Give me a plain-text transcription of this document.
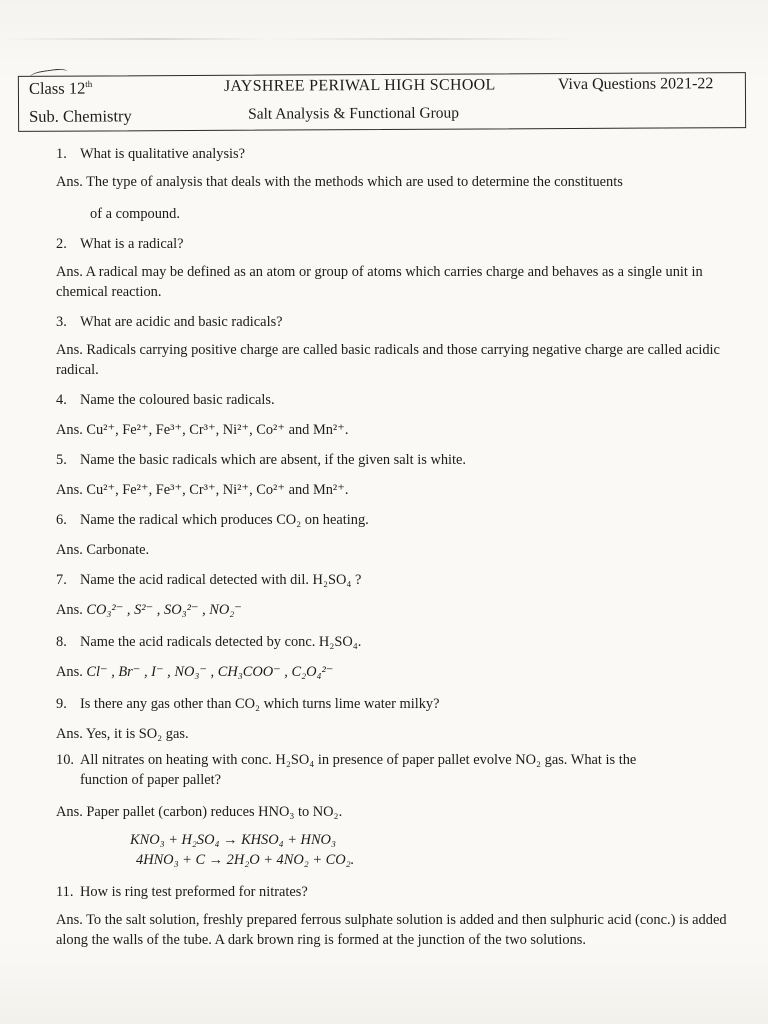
Class 12th	JAYSHREE PERIWAL HIGH SCHOOL	Viva Questions 2021-22
Sub. Chemistry	Salt Analysis & Functional Group
1. What is qualitative analysis?
Ans. The type of analysis that deals with the methods which are used to determine the constituents
of a compound.
2. What is a radical?
Ans. A radical may be defined as an atom or group of atoms which carries charge and behaves as a single unit in chemical reaction.
3. What are acidic and basic radicals?
Ans. Radicals carrying positive charge are called basic radicals and those carrying negative charge are called acidic radical.
4. Name the coloured basic radicals.
Ans. Cu²⁺, Fe²⁺, Fe³⁺, Cr³⁺, Ni²⁺, Co²⁺ and Mn²⁺.
5. Name the basic radicals which are absent, if the given salt is white.
Ans. Cu²⁺, Fe²⁺, Fe³⁺, Cr³⁺, Ni²⁺, Co²⁺ and Mn²⁺.
6. Name the radical which produces CO₂ on heating.
Ans. Carbonate.
7. Name the acid radical detected with dil. H₂SO₄ ?
Ans. CO₃²⁻ , S²⁻ , SO₃²⁻ , NO₂⁻
8. Name the acid radicals detected by conc. H₂SO₄.
Ans. Cl⁻ , Br⁻ , I⁻ , NO₃⁻ , CH₃COO⁻ , C₂O₄²⁻
9. Is there any gas other than CO₂ which turns lime water milky?
Ans. Yes, it is SO₂ gas.
10. All nitrates on heating with conc. H₂SO₄ in presence of paper pallet evolve NO₂ gas. What is the
function of paper pallet?
Ans. Paper pallet (carbon) reduces HNO₃ to NO₂.
KNO₃ + H₂SO₄ → KHSO₄ + HNO₃
4HNO₃ + C → 2H₂O + 4NO₂ + CO₂.
11. How is ring test preformed for nitrates?
Ans. To the salt solution, freshly prepared ferrous sulphate solution is added and then sulphuric acid (conc.) is added along the walls of the tube. A dark brown ring is formed at the junction of the two solutions.
